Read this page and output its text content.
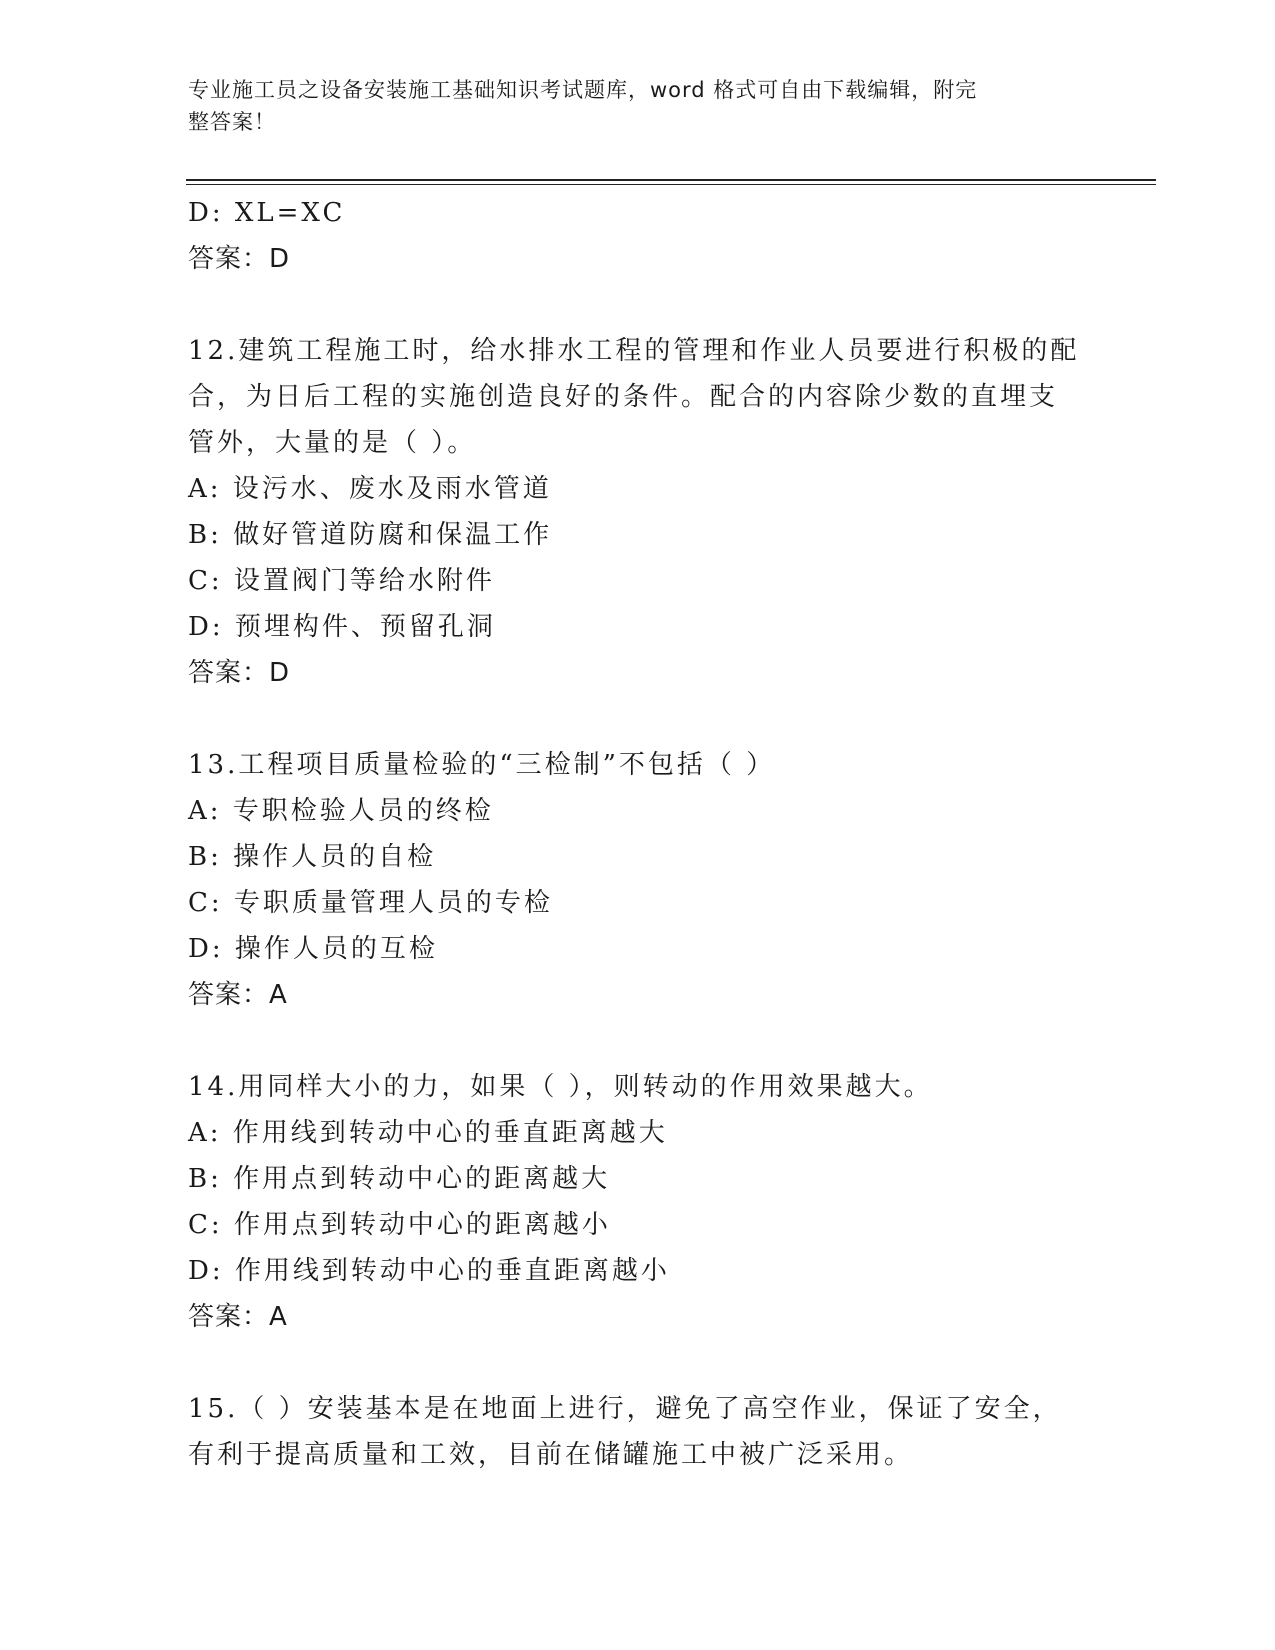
专业施工员之设备安装施工基础知识考试题库，word 格式可自由下载编辑，附完
整答案！
D: XL=XC
答案：D
12.建筑工程施工时，给水排水工程的管理和作业人员要进行积极的配
合，为日后工程的实施创造良好的条件。配合的内容除少数的直埋支
管外，大量的是（ ）。
A: 设污水、废水及雨水管道
B: 做好管道防腐和保温工作
C: 设置阀门等给水附件
D: 预埋构件、预留孔洞
答案：D
13.工程项目质量检验的“三检制”不包括（ ）
A: 专职检验人员的终检
B: 操作人员的自检
C: 专职质量管理人员的专检
D: 操作人员的互检
答案：A
14.用同样大小的力，如果（ ），则转动的作用效果越大。
A: 作用线到转动中心的垂直距离越大
B: 作用点到转动中心的距离越大
C: 作用点到转动中心的距离越小
D: 作用线到转动中心的垂直距离越小
答案：A
15.（ ）安装基本是在地面上进行，避免了高空作业，保证了安全，
有利于提高质量和工效，目前在储罐施工中被广泛采用。
